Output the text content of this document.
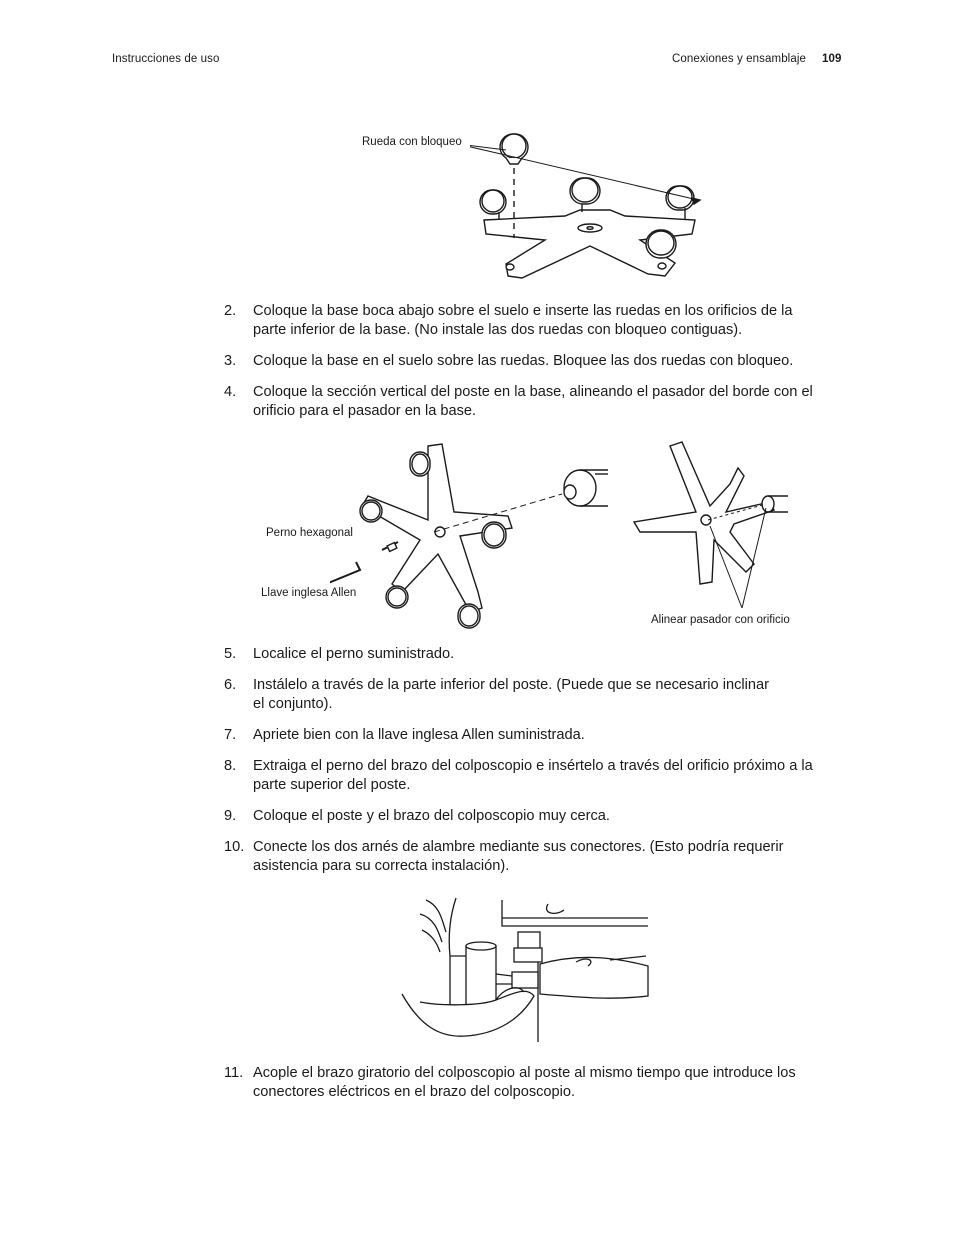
Instrucciones de uso	Conexiones y ensamblaje 109
Rueda con bloqueo
2.	Coloque la base boca abajo sobre el suelo e inserte las ruedas en los orificios de la
parte inferior de la base. (No instale las dos ruedas con bloqueo contiguas).
3.	Coloque la base en el suelo sobre las ruedas. Bloquee las dos ruedas con bloqueo.
4.	Coloque la sección vertical del poste en la base, alineando el pasador del borde con el
orificio para el pasador en la base.
Perno hexagonal
Llave inglesa Allen
Alinear pasador con orificio
5.	Localice el perno suministrado.
6.	Instálelo a través de la parte inferior del poste. (Puede que se necesario inclinar
el conjunto).
7.	Apriete bien con la llave inglesa Allen suministrada.
8.	Extraiga el perno del brazo del colposcopio e insértelo a través del orificio próximo a la
parte superior del poste.
9.	Coloque el poste y el brazo del colposcopio muy cerca.
10. Conecte los dos arnés de alambre mediante sus conectores. (Esto podría requerir
asistencia para su correcta instalación).
11. Acople el brazo giratorio del colposcopio al poste al mismo tiempo que introduce los
conectores eléctricos en el brazo del colposcopio.
